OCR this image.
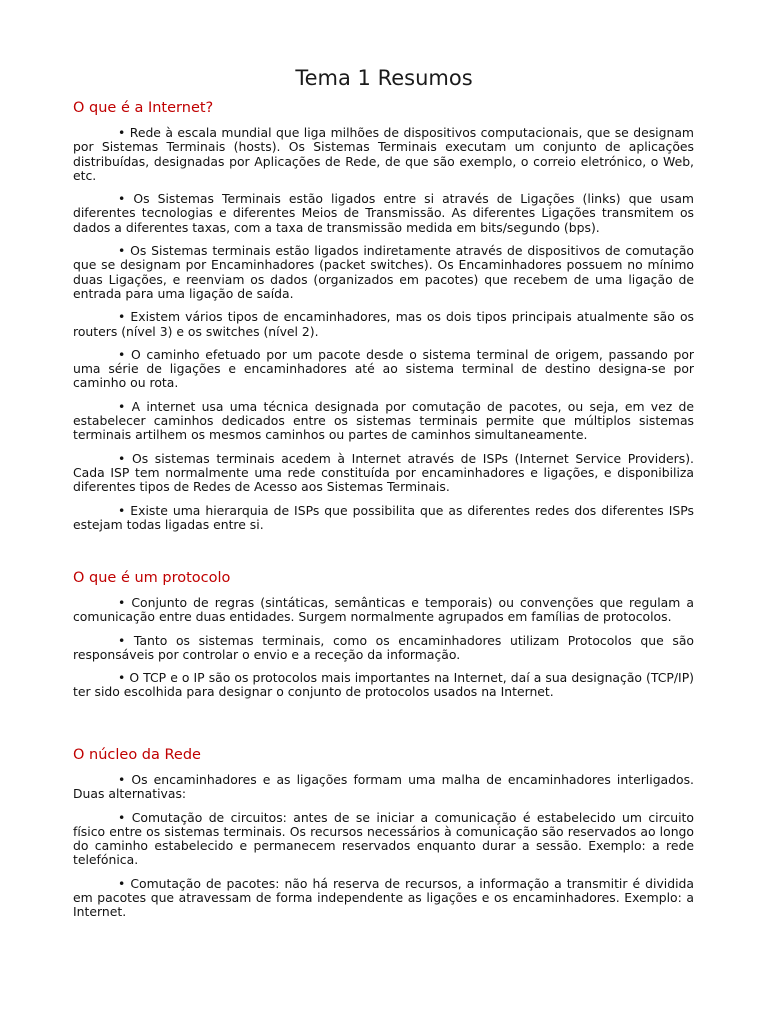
Tema 1 Resumos
O que é a Internet?

• Rede à escala mundial que liga milhões de dispositivos computacionais, que se designam por Sistemas Terminais (hosts). Os Sistemas Terminais executam um conjunto de aplicações distribuídas, designadas por Aplicações de Rede, de que são exemplo, o correio eletrónico, o Web, etc.

• Os Sistemas Terminais estão ligados entre si através de Ligações (links) que usam diferentes tecnologias e diferentes Meios de Transmissão. As diferentes Ligações transmitem os dados a diferentes taxas, com a taxa de transmissão medida em bits/segundo (bps).

• Os Sistemas terminais estão ligados indiretamente através de dispositivos de comutação que se designam por Encaminhadores (packet switches). Os Encaminhadores possuem no mínimo duas Ligações, e reenviam os dados (organizados em pacotes) que recebem de uma ligação de entrada para uma ligação de saída.

• Existem vários tipos de encaminhadores, mas os dois tipos principais atualmente são os routers (nível 3) e os switches (nível 2).

• O caminho efetuado por um pacote desde o sistema terminal de origem, passando por uma série de ligações e encaminhadores até ao sistema terminal de destino designa-se por caminho ou rota.

• A internet usa uma técnica designada por comutação de pacotes, ou seja, em vez de estabelecer caminhos dedicados entre os sistemas terminais permite que múltiplos sistemas terminais artilhem os mesmos caminhos ou partes de caminhos simultaneamente.

• Os sistemas terminais acedem à Internet através de ISPs (Internet Service Providers). Cada ISP tem normalmente uma rede constituída por encaminhadores e ligações, e disponibiliza diferentes tipos de Redes de Acesso aos Sistemas Terminais.

• Existe uma hierarquia de ISPs que possibilita que as diferentes redes dos diferentes ISPs estejam todas ligadas entre si.

O que é um protocolo

• Conjunto de regras (sintáticas, semânticas e temporais) ou convenções que regulam a comunicação entre duas entidades. Surgem normalmente agrupados em famílias de protocolos.

• Tanto os sistemas terminais, como os encaminhadores utilizam Protocolos que são responsáveis por controlar o envio e a receção da informação.

• O TCP e o IP são os protocolos mais importantes na Internet, daí a sua designação (TCP/IP) ter sido escolhida para designar o conjunto de protocolos usados na Internet.

O núcleo da Rede

• Os encaminhadores e as ligações formam uma malha de encaminhadores interligados. Duas alternativas:

• Comutação de circuitos: antes de se iniciar a comunicação é estabelecido um circuito físico entre os sistemas terminais. Os recursos necessários à comunicação são reservados ao longo do caminho estabelecido e permanecem reservados enquanto durar a sessão. Exemplo: a rede telefónica.

• Comutação de pacotes: não há reserva de recursos, a informação a transmitir é dividida em pacotes que atravessam de forma independente as ligações e os encaminhadores. Exemplo: a Internet.
